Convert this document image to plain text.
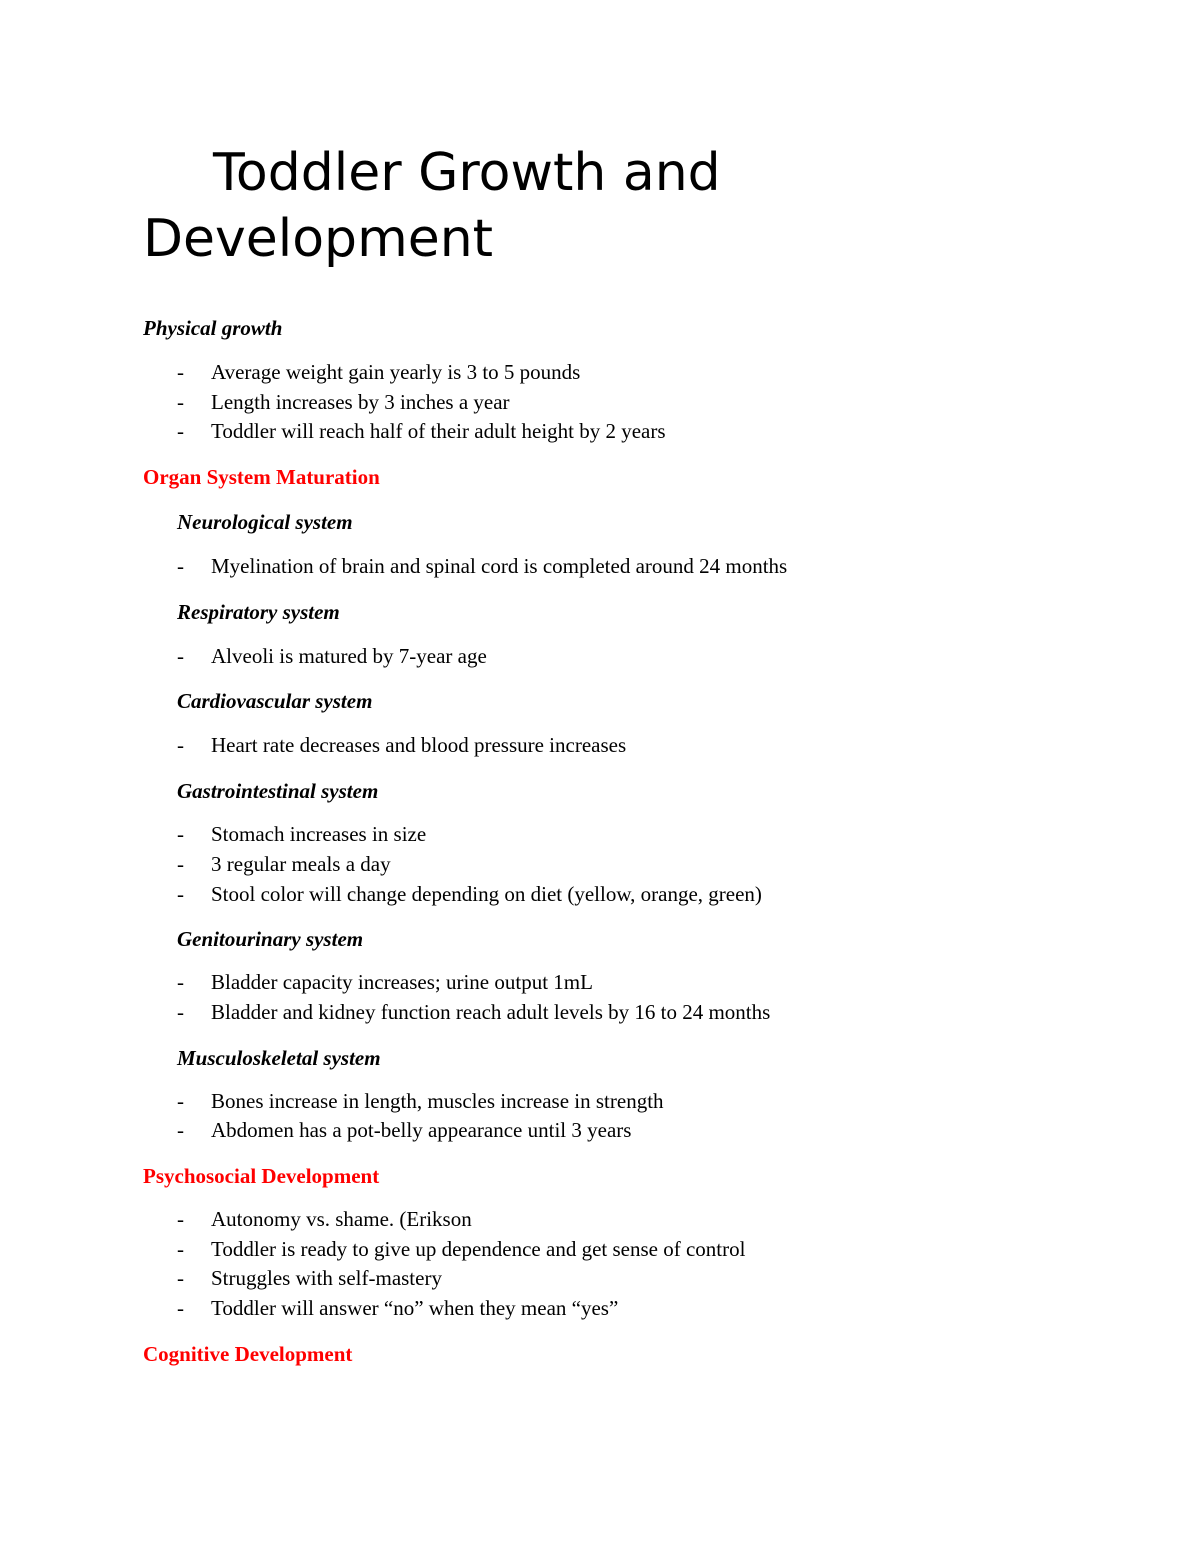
Toddler Growth and Development
Physical growth
- Average weight gain yearly is 3 to 5 pounds
- Length increases by 3 inches a year
- Toddler will reach half of their adult height by 2 years
Organ System Maturation
Neurological system
- Myelination of brain and spinal cord is completed around 24 months
Respiratory system
- Alveoli is matured by 7-year age
Cardiovascular system
- Heart rate decreases and blood pressure increases
Gastrointestinal system
- Stomach increases in size
- 3 regular meals a day
- Stool color will change depending on diet (yellow, orange, green)
Genitourinary system
- Bladder capacity increases; urine output 1mL
- Bladder and kidney function reach adult levels by 16 to 24 months
Musculoskeletal system
- Bones increase in length, muscles increase in strength
- Abdomen has a pot-belly appearance until 3 years
Psychosocial Development
- Autonomy vs. shame. (Erikson
- Toddler is ready to give up dependence and get sense of control
- Struggles with self-mastery
- Toddler will answer “no” when they mean “yes”
Cognitive Development
